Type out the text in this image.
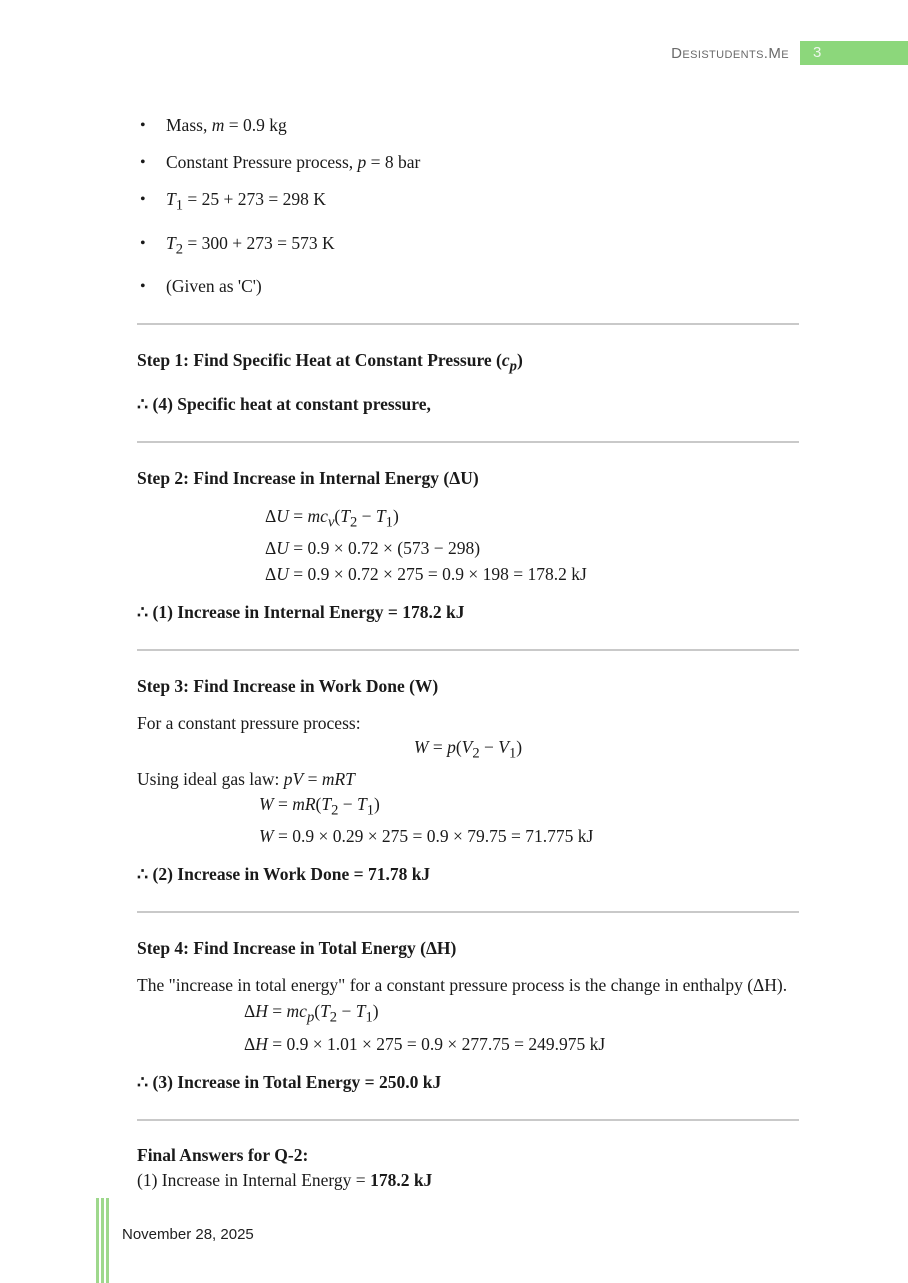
Desistudents.Me	3
• Mass, m = 0.9 kg
• Constant Pressure process, p = 8 bar
• $T_1 = 25 + 273 = 298$ K
• $T_2 = 300 + 273 = 573$ K
• (Given as 'C')
Step 1: Find Specific Heat at Constant Pressure $(c_p)$

∴ (4) Specific heat at constant pressure,

Step 2: Find Increase in Internal Energy (ΔU)
$\Delta U = mc_v(T_2 - T_1)$
ΔU = 0.9 × 0.72 × (573 − 298)
ΔU = 0.9 × 0.72 × 275 = 0.9 × 198 = 178.2 kJ

∴ (1) Increase in Internal Energy = 178.2 kJ

Step 3: Find Increase in Work Done (W)

For a constant pressure process:

$W = p(V_2 - V_1)$

Using ideal gas law: pV = mRT

$W = mR(T_2 - T_1)$
W = 0.9 × 0.29 × 275 = 0.9 × 79.75 = 71.775 kJ

∴ (2) Increase in Work Done = 71.78 kJ

Step 4: Find Increase in Total Energy (ΔH)

The "increase in total energy" for a constant pressure process is the change in enthalpy (ΔH).

$\Delta H = mc_p(T_2 - T_1)$
ΔH = 0.9 × 1.01 × 275 = 0.9 × 277.75 = 249.975 kJ

∴ (3) Increase in Total Energy = 250.0 kJ

Final Answers for Q-2:

(1) Increase in Internal Energy = 178.2 kJ

November 28, 2025
